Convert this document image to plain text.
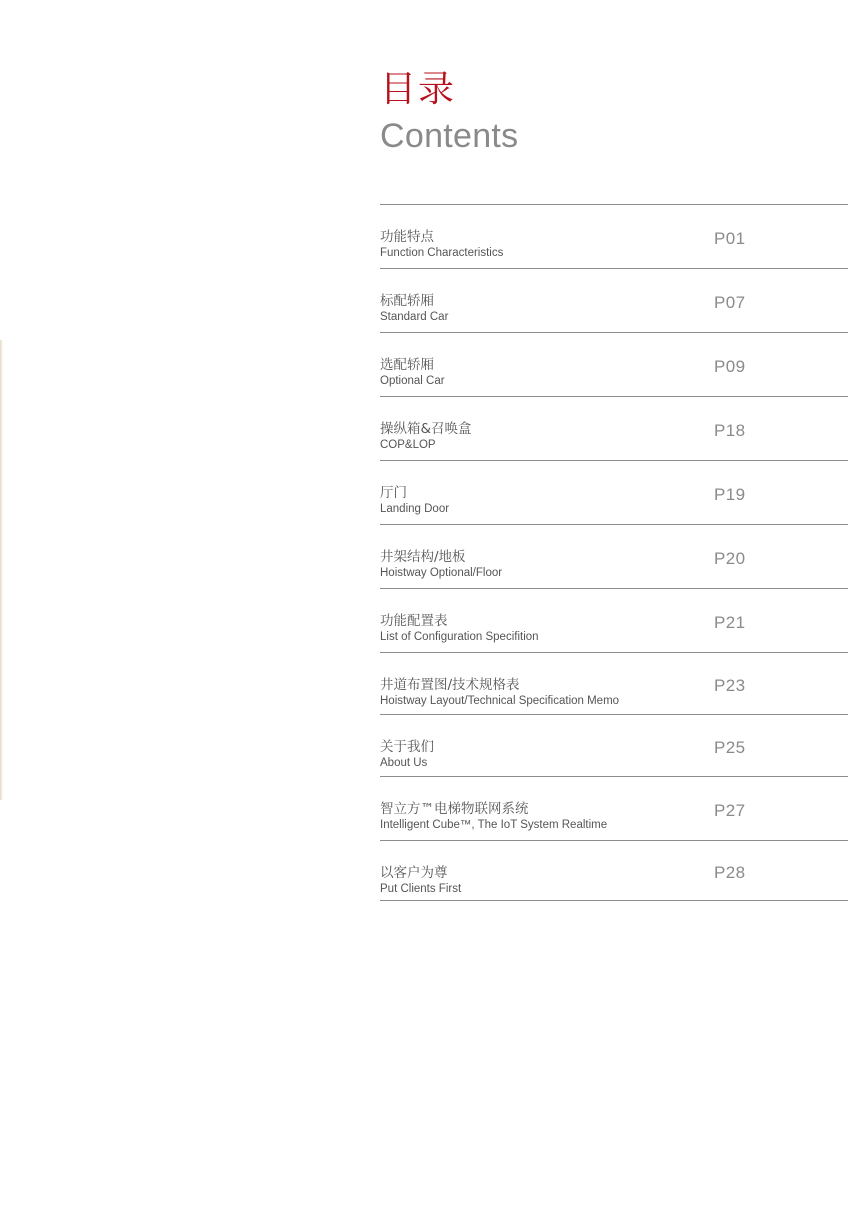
目录
Contents
功能特点
Function Characteristics
P01
标配轿厢
Standard Car
P07
选配轿厢
Optional Car
P09
操纵箱&召唤盒
COP&LOP
P18
厅门
Landing Door
P19
井架结构/地板
Hoistway Optional/Floor
P20
功能配置表
List of Configuration Specifition
P21
井道布置图/技术规格表
Hoistway Layout/Technical Specification Memo
P23
关于我们
About Us
P25
智立方™电梯物联网系统
Intelligent Cube™, The IoT System Realtime
P27
以客户为尊
Put Clients First
P28
